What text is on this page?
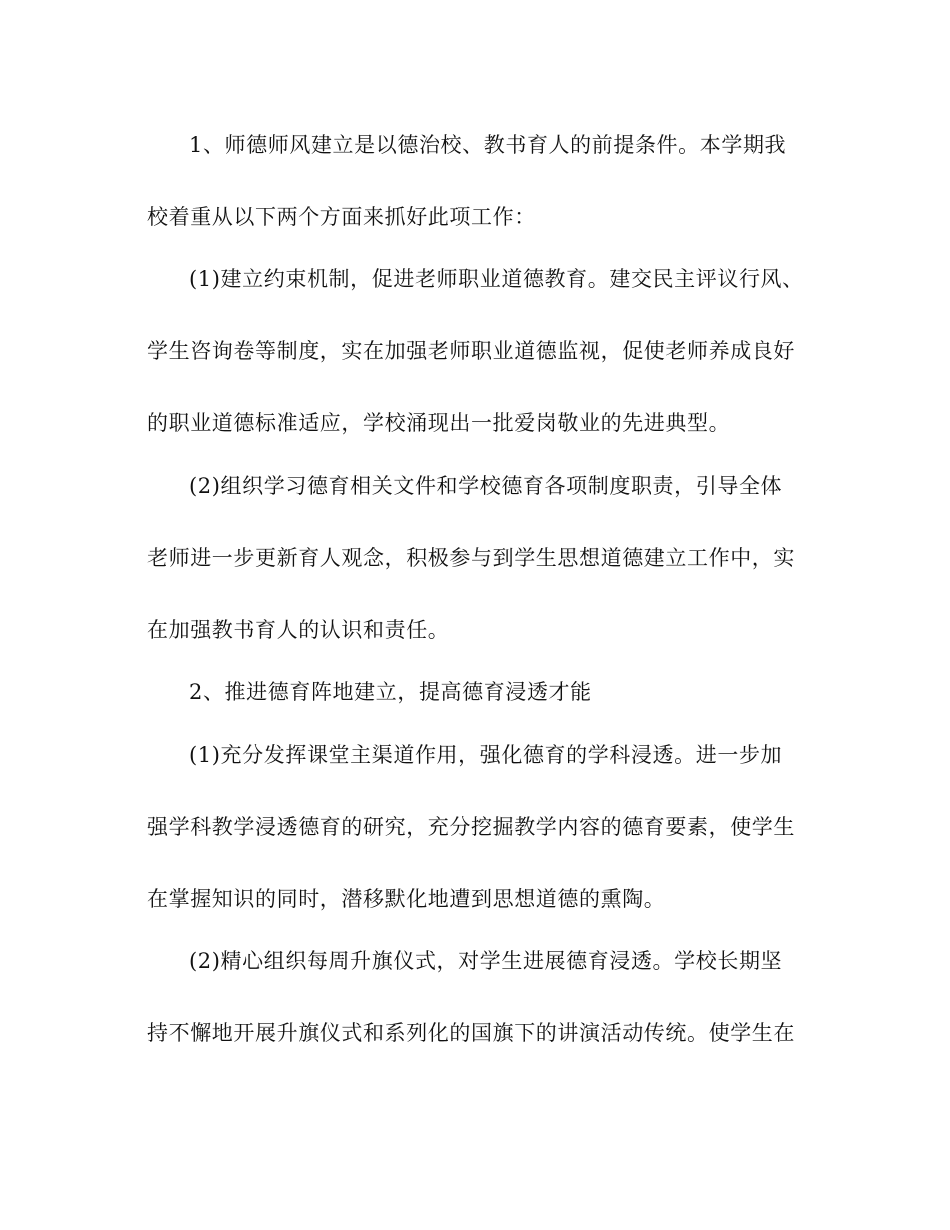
1、师德师风建立是以德治校、教书育人的前提条件。本学期我
校着重从以下两个方面来抓好此项工作：
(1)建立约束机制，促进老师职业道德教育。建交民主评议行风、
学生咨询卷等制度，实在加强老师职业道德监视，促使老师养成良好
的职业道德标准适应，学校涌现出一批爱岗敬业的先进典型。
(2)组织学习德育相关文件和学校德育各项制度职责，引导全体
老师进一步更新育人观念，积极参与到学生思想道德建立工作中，实
在加强教书育人的认识和责任。
2、推进德育阵地建立，提高德育浸透才能
(1)充分发挥课堂主渠道作用，强化德育的学科浸透。进一步加
强学科教学浸透德育的研究，充分挖掘教学内容的德育要素，使学生
在掌握知识的同时，潜移默化地遭到思想道德的熏陶。
(2)精心组织每周升旗仪式，对学生进展德育浸透。学校长期坚
持不懈地开展升旗仪式和系列化的国旗下的讲演活动传统。使学生在
